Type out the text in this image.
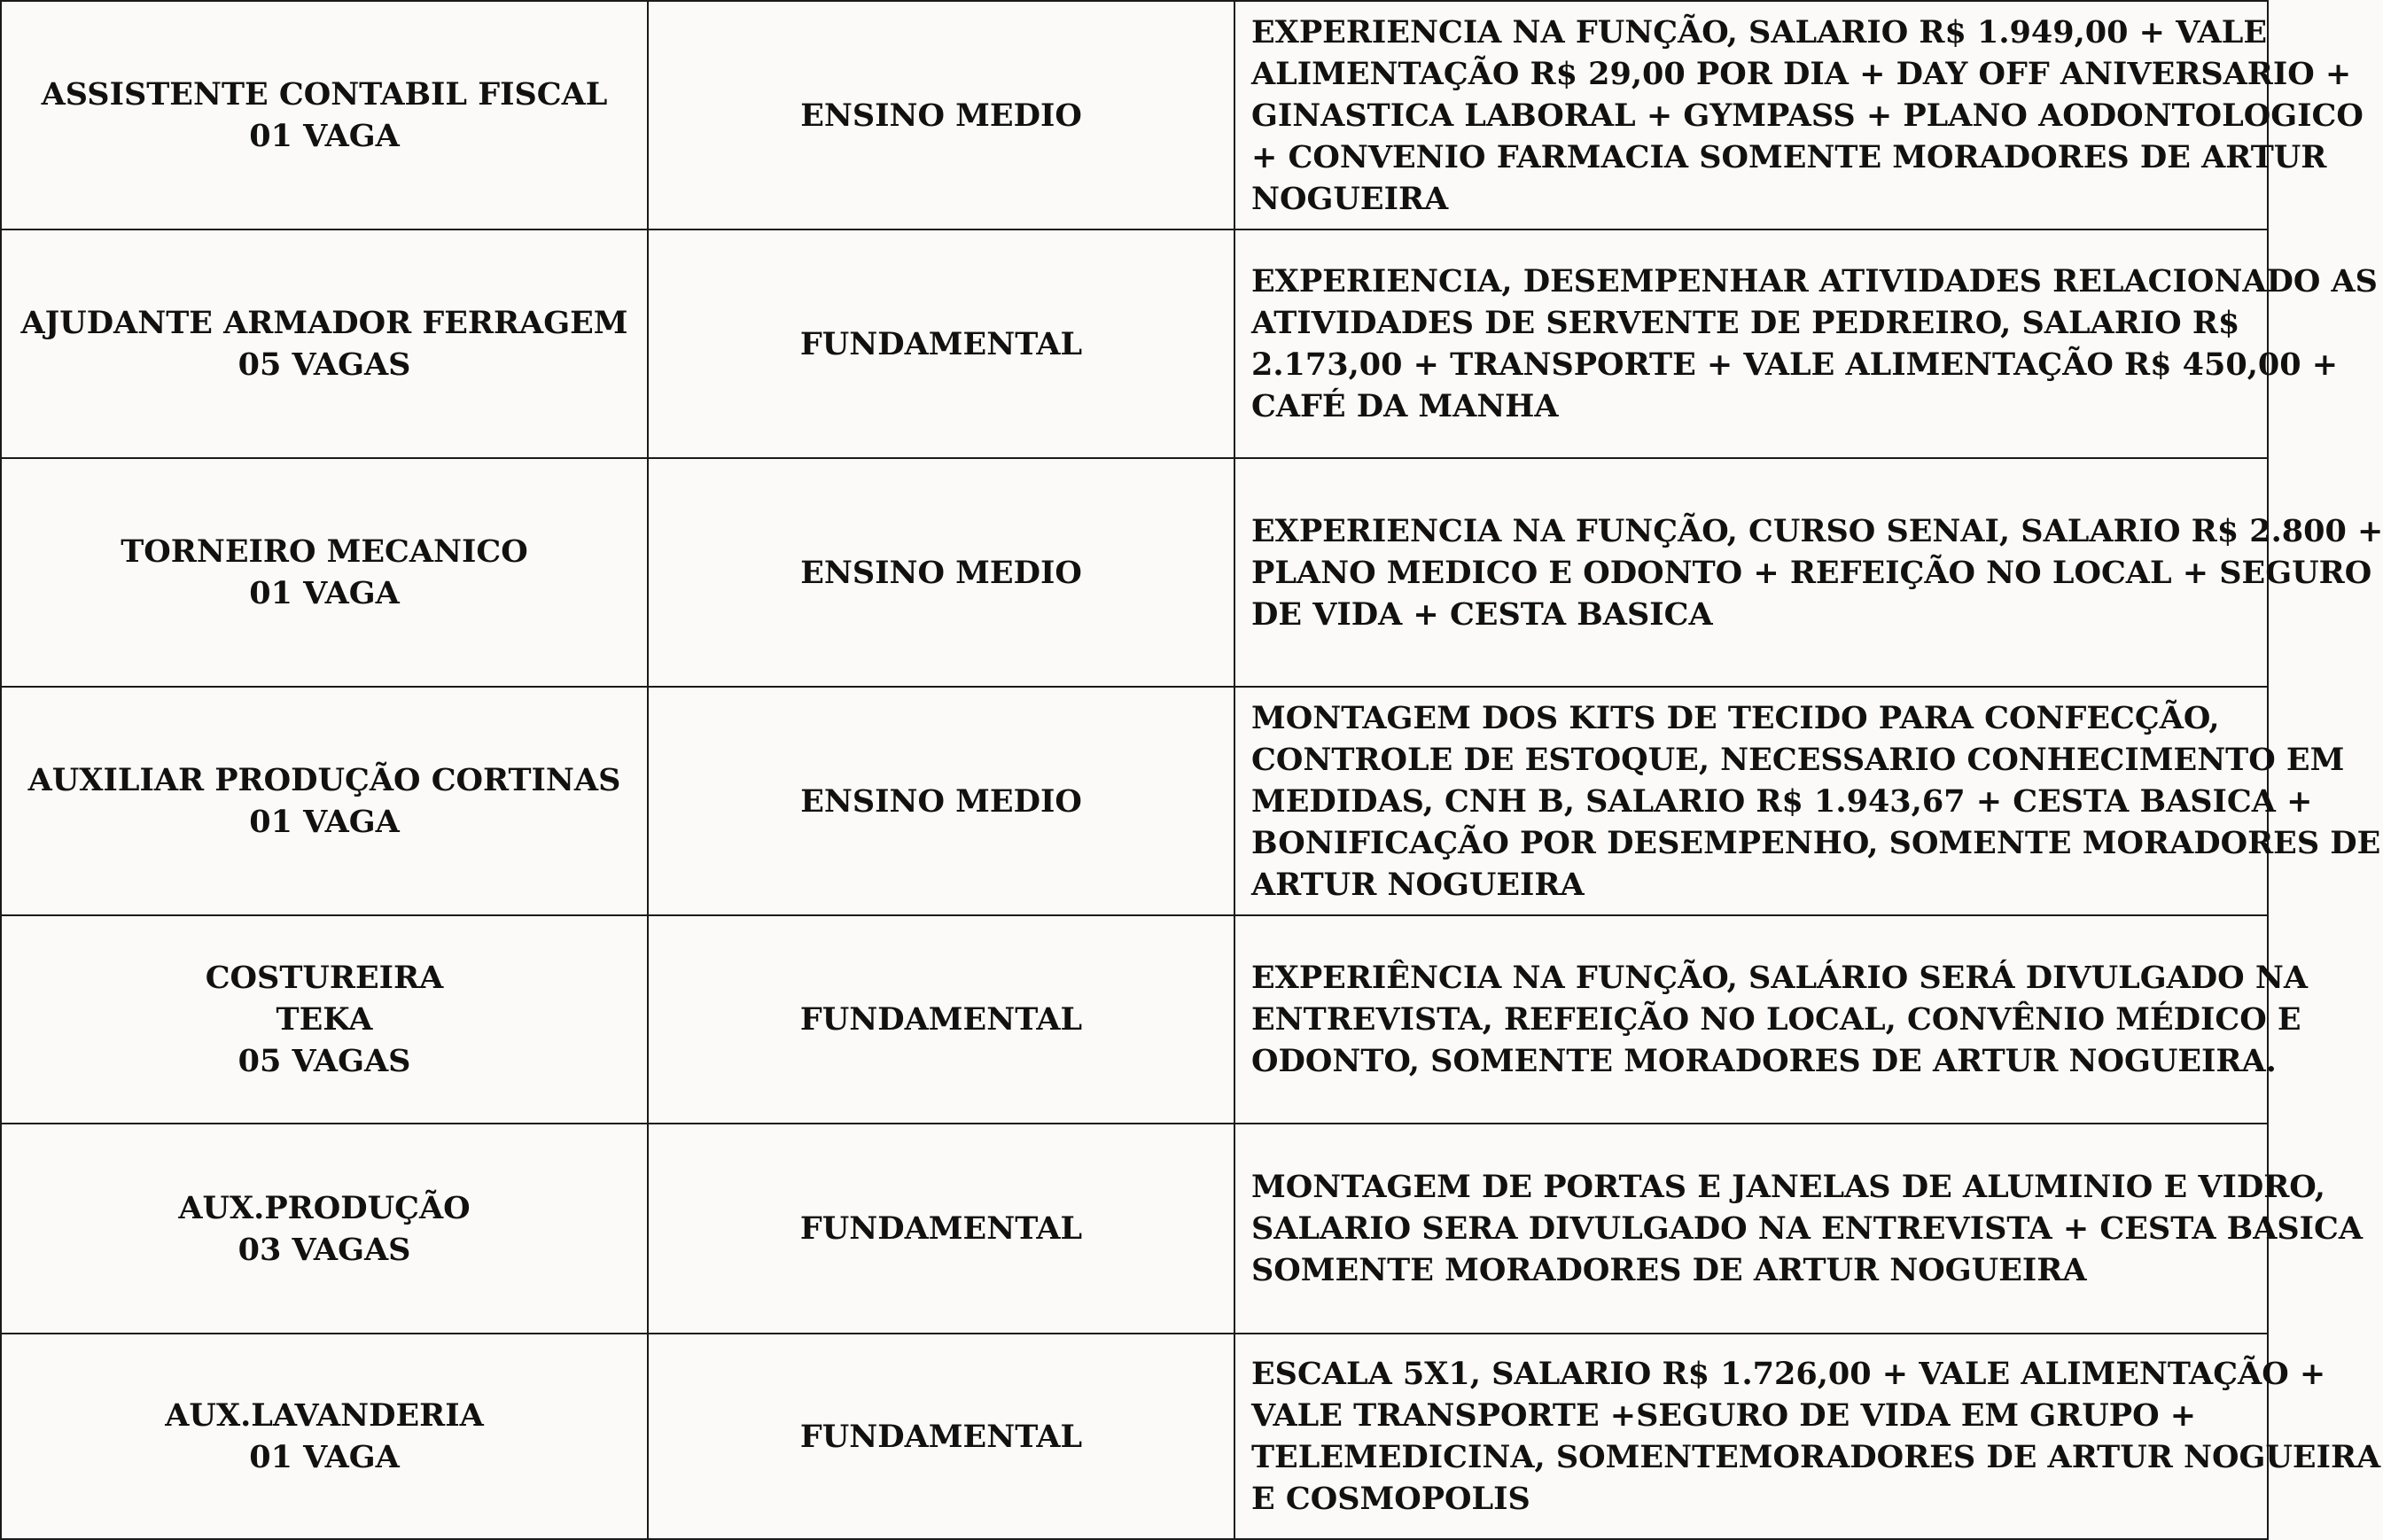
ASSISTENTE CONTABIL FISCAL
01 VAGA	ENSINO MEDIO	EXPERIENCIA NA FUNÇÃO, SALARIO R$ 1.949,00 + VALE
ALIMENTAÇÃO R$ 29,00 POR DIA + DAY OFF ANIVERSARIO +
GINASTICA LABORAL + GYMPASS + PLANO AODONTOLOGICO
+ CONVENIO FARMACIA SOMENTE MORADORES DE ARTUR
NOGUEIRA

AJUDANTE ARMADOR FERRAGEM
05 VAGAS	FUNDAMENTAL	EXPERIENCIA, DESEMPENHAR ATIVIDADES RELACIONADO AS
ATIVIDADES DE SERVENTE DE PEDREIRO, SALARIO R$
2.173,00 + TRANSPORTE + VALE ALIMENTAÇÃO R$ 450,00 +
CAFÉ DA MANHA

TORNEIRO MECANICO
01 VAGA	ENSINO MEDIO	EXPERIENCIA NA FUNÇÃO, CURSO SENAI, SALARIO R$ 2.800 +
PLANO MEDICO E ODONTO + REFEIÇÃO NO LOCAL + SEGURO
DE VIDA + CESTA BASICA

AUXILIAR PRODUÇÃO CORTINAS
01 VAGA	ENSINO MEDIO	MONTAGEM DOS KITS DE TECIDO PARA CONFECÇÃO,
CONTROLE DE ESTOQUE, NECESSARIO CONHECIMENTO EM
MEDIDAS, CNH B, SALARIO R$ 1.943,67 + CESTA BASICA +
BONIFICAÇÃO POR DESEMPENHO, SOMENTE MORADORES DE
ARTUR NOGUEIRA

COSTUREIRA
TEKA
05 VAGAS	FUNDAMENTAL	EXPERIÊNCIA NA FUNÇÃO, SALÁRIO SERÁ DIVULGADO NA
ENTREVISTA, REFEIÇÃO NO LOCAL, CONVÊNIO MÉDICO E
ODONTO, SOMENTE MORADORES DE ARTUR NOGUEIRA.

AUX.PRODUÇÃO
03 VAGAS	FUNDAMENTAL	MONTAGEM DE PORTAS E JANELAS DE ALUMINIO E VIDRO,
SALARIO SERA DIVULGADO NA ENTREVISTA + CESTA BASICA
SOMENTE MORADORES DE ARTUR NOGUEIRA

AUX.LAVANDERIA
01 VAGA	FUNDAMENTAL	ESCALA 5X1, SALARIO R$ 1.726,00 + VALE ALIMENTAÇÃO +
VALE TRANSPORTE +SEGURO DE VIDA EM GRUPO +
TELEMEDICINA, SOMENTEMORADORES DE ARTUR NOGUEIRA
E COSMOPOLIS
